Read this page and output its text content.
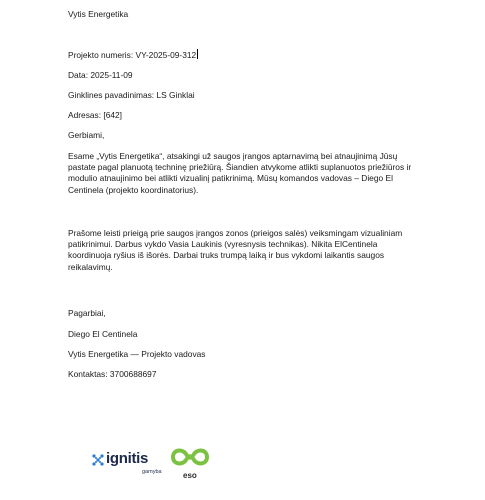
Vytis Energetika

Projekto numeris: VY-2025-09-312

Data: 2025-11-09

Ginklines pavadinimas: LS Ginklai

Adresas: [642]

Gerbiami,

Esame „Vytis Energetika“, atsakingi už saugos įrangos aptarnavimą bei atnaujinimą Jūsų pastate pagal planuotą techninę priežiūrą. Šiandien atvykome atlikti suplanuotos priežiūros ir modulio atnaujinimo bei atlikti vizualinį patikrinimą. Mūsų komandos vadovas – Diego El Centinela (projekto koordinatorius).

Prašome leisti prieigą prie saugos įrangos zonos (prieigos salės) veiksmingam vizualiniam patikrinimui. Darbus vykdo Vasia Laukinis (vyresnysis technikas). Nikita ElCentinela koordinuoja ryšius iš išorės. Darbai truks trumpą laiką ir bus vykdomi laikantis saugos reikalavimų.

Pagarbiai,

Diego El Centinela

Vytis Energetika — Projekto vadovas

Kontaktas: 3700688697

ignitis
gamyba	eso
